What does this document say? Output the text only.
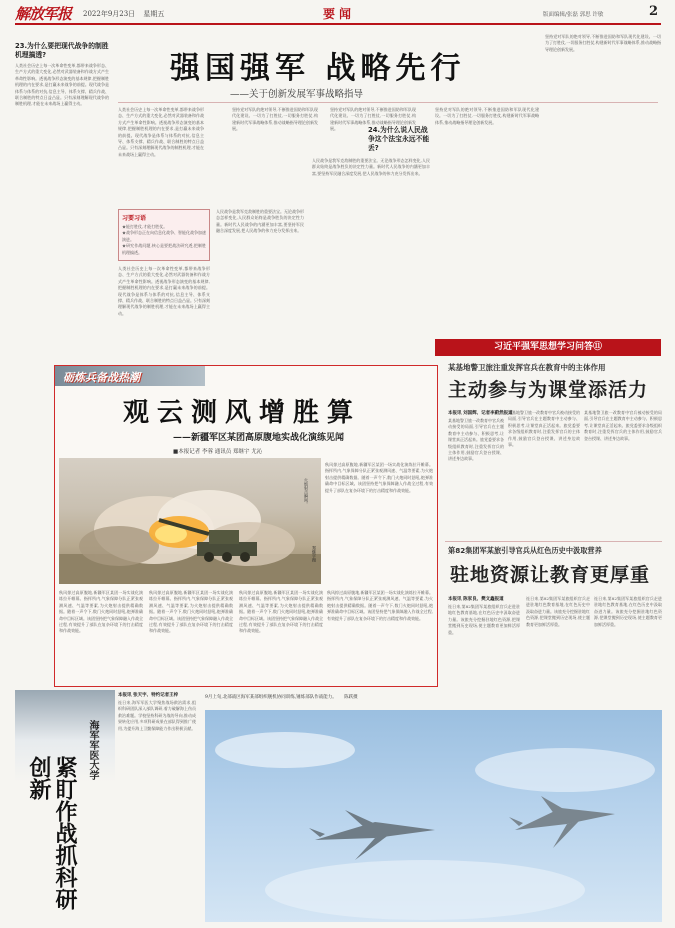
解放军报 2022年9月23日 星期五	要闻	版面编辑/张磊 郭思 许敏	2
23.为什么要把现代战争的制胜机理搞透?
人类社会历史上每一次革命性变革,都带来战争形态、生产方式的重大变化,必然对武器装备和作战方式产生革命性影响。透视战争形态演变的基本规律,把握制胜机理的内在要求,是打赢未来战争的前提。现代战争是体系与体系的对抗,信息主导、体系支撑、精兵作战、联合制胜的特点日益凸显。只有深刻理解现代战争的制胜机理,才能在未来战场上赢得主动。
强国强军 战略先行
——关于创新发展军事战略指导
人类社会历史上每一次革命性变革,都带来战争形态、生产方式的重大变化,必然对武器装备和作战方式产生革命性影响。透视战争形态演变的基本规律,把握制胜机理的内在要求,是打赢未来战争的前提。现代战争是体系与体系的对抗,信息主导、体系支撑、精兵作战、联合制胜的特点日益凸显。只有深刻理解现代战争的制胜机理,才能在未来战场上赢得主动。
坚持党对军队的绝对领导,不断推进国防和军队现代化建设。一切为了打胜仗,一切服务打胜仗,构建新时代军事战略体系,推动战略指导理论创新发展。
坚持党对军队的绝对领导,不断推进国防和军队现代化建设。一切为了打胜仗,一切服务打胜仗,构建新时代军事战略体系,推动战略指导理论创新发展。
习要习语
★能打胜仗,才能打胜仗。
★战争形态正在向信息化战争、智能化战争加速演进。
★研究作战问题,核心是要把战法研究透,把制胜机理搞透。
人类社会历史上每一次革命性变革,都带来战争形态、生产方式的重大变化,必然对武器装备和作战方式产生革命性影响。透视战争形态演变的基本规律,把握制胜机理的内在要求,是打赢未来战争的前提。现代战争是体系与体系的对抗,信息主导、体系支撑、精兵作战、联合制胜的特点日益凸显。只有深刻理解现代战争的制胜机理,才能在未来战场上赢得主动。
人民战争是我军克敌制胜的重要法宝。无论战争形态怎样变化,人民群众始终是战争胜负的决定性力量。新时代人民战争的内涵更加丰富,要坚持军民融合深度发展,把人民战争的伟力充分发挥出来。
24.为什么说人民战争这个法宝永远不能丢?
人民战争是我军克敌制胜的重要法宝。无论战争形态怎样变化,人民群众始终是战争胜负的决定性力量。新时代人民战争的内涵更加丰富,要坚持军民融合深度发展,把人民战争的伟力充分发挥出来。
坚持党对军队的绝对领导,不断推进国防和军队现代化建设。一切为了打胜仗,一切服务打胜仗,构建新时代军事战略体系,推动战略指导理论创新发展。
坚持党对军队的绝对领导,不断推进国防和军队现代化建设。一切为了打胜仗,一切服务打胜仗,构建新时代军事战略体系,推动战略指导理论创新发展。
习近平强军思想学习问答⑪
某基地警卫旅注重发挥官兵在教育中的主体作用
主动参与为课堂添活力
本报讯 刘国辉、记者李蔚然报道
某基地警卫旅一改教育中官兵被动接受的局面,引导官兵在主题教育中主动参与、积极思考,让课堂真正活起来。旅党委要求各级组织教育时,注重发挥官兵的主体作用,鼓励官兵登台授课、讲述身边故事。
某基地警卫旅一改教育中官兵被动接受的局面,引导官兵在主题教育中主动参与、积极思考,让课堂真正活起来。旅党委要求各级组织教育时,注重发挥官兵的主体作用,鼓励官兵登台授课、讲述身边故事。
某基地警卫旅一改教育中官兵被动接受的局面,引导官兵在主题教育中主动参与、积极思考,让课堂真正活起来。旅党委要求各级组织教育时,注重发挥官兵的主体作用,鼓励官兵登台授课、讲述身边故事。
第82集团军某旅引导官兵从红色历史中汲取营养
驻地资源让教育更厚重
本报讯 陈家良、樊文鑫报道
连日来,第82集团军某旅组织官兵走进驻地红色教育基地,在红色历史中汲取奋进力量。该旅充分挖掘驻地红色资源,把课堂搬到历史现场,使主题教育更加鲜活厚重。
连日来,第82集团军某旅组织官兵走进驻地红色教育基地,在红色历史中汲取奋进力量。该旅充分挖掘驻地红色资源,把课堂搬到历史现场,使主题教育更加鲜活厚重。
连日来,第82集团军某旅组织官兵走进驻地红色教育基地,在红色历史中汲取奋进力量。该旅充分挖掘驻地红色资源,把课堂搬到历史现场,使主题教育更加鲜活厚重。
砺炼兵备战热潮
观云测风增胜算
——新疆军区某团高原腹地实战化演练见闻
■本报记者 李蓉 通讯员 郑继宇 尤沁
火炮射击瞬间。
郑继宇摄
秋风掠过高原腹地,新疆军区某团一场实战化演练拉开帷幕。指挥所内,气象保障分队正紧张观测风速、气温等要素,为火炮射击提供精确数据。随着一声令下,数门火炮同时怒吼,炮弹准确命中目标区域。该团坚持把气象保障融入作战全过程,有效提升了部队在复杂环境下的打击精度和作战效能。
秋风掠过高原腹地,新疆军区某团一场实战化演练拉开帷幕。指挥所内,气象保障分队正紧张观测风速、气温等要素,为火炮射击提供精确数据。随着一声令下,数门火炮同时怒吼,炮弹准确命中目标区域。该团坚持把气象保障融入作战全过程,有效提升了部队在复杂环境下的打击精度和作战效能。
秋风掠过高原腹地,新疆军区某团一场实战化演练拉开帷幕。指挥所内,气象保障分队正紧张观测风速、气温等要素,为火炮射击提供精确数据。随着一声令下,数门火炮同时怒吼,炮弹准确命中目标区域。该团坚持把气象保障融入作战全过程,有效提升了部队在复杂环境下的打击精度和作战效能。
秋风掠过高原腹地,新疆军区某团一场实战化演练拉开帷幕。指挥所内,气象保障分队正紧张观测风速、气温等要素,为火炮射击提供精确数据。随着一声令下,数门火炮同时怒吼,炮弹准确命中目标区域。该团坚持把气象保障融入作战全过程,有效提升了部队在复杂环境下的打击精度和作战效能。
秋风掠过高原腹地,新疆军区某团一场实战化演练拉开帷幕。指挥所内,气象保障分队正紧张观测风速、气温等要素,为火炮射击提供精确数据。随着一声令下,数门火炮同时怒吼,炮弹准确命中目标区域。该团坚持把气象保障融入作战全过程,有效提升了部队在复杂环境下的打击精度和作战效能。
海军军医大学
紧盯作战抓科研创新
本报讯 张天宇、特约记者王梓
连日来,海军军医大学聚焦战场救治需求,组织科研团队深入部队调研,着力破解海上伤员救治难题。学校坚持科研为战的导向,推动成果转化应用,多项科研成果在部队得到推广使用,为提升海上卫勤保障能力作出积极贡献。
9月上旬,北部战区海军某部组织舰机协同训练,锤炼部队作战能力。 陈跃摄
